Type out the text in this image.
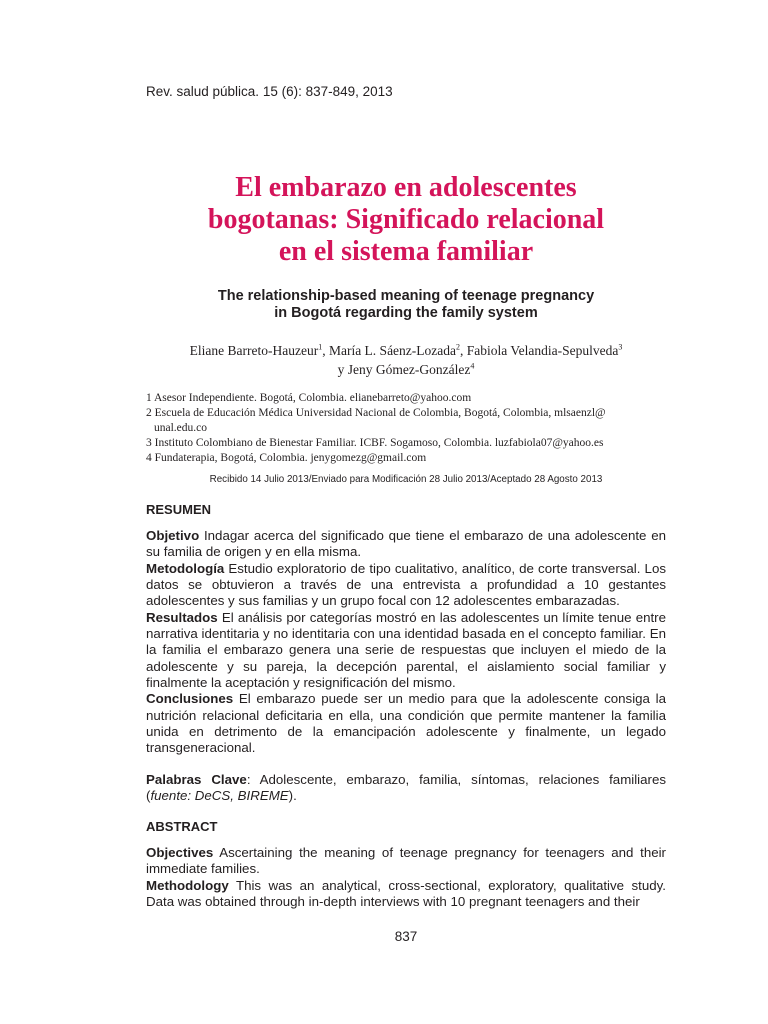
Rev. salud pública. 15 (6): 837-849, 2013
El embarazo en adolescentes
bogotanas: Significado relacional
en el sistema familiar
The relationship-based meaning of teenage pregnancy
in Bogotá regarding the family system
Eliane Barreto-Hauzeur$^1$, María L. Sáenz-Lozada$^2$, Fabiola Velandia-Sepulveda$^3$
y Jeny Gómez-González$^4$
1 Asesor Independiente. Bogotá, Colombia. elianebarreto@yahoo.com
2 Escuela de Educación Médica Universidad Nacional de Colombia, Bogotá, Colombia, mlsaenzl@
unal.edu.co
3 Instituto Colombiano de Bienestar Familiar. ICBF. Sogamoso, Colombia. luzfabiola07@yahoo.es
4 Fundaterapia, Bogotá, Colombia. jenygomezg@gmail.com
Recibido 14 Julio 2013/Enviado para Modificación 28 Julio 2013/Aceptado 28 Agosto 2013
RESUMEN

Objetivo Indagar acerca del significado que tiene el embarazo de una adolescente en su familia de origen y en ella misma.

Metodología Estudio exploratorio de tipo cualitativo, analítico, de corte transversal. Los datos se obtuvieron a través de una entrevista a profundidad a 10 gestantes adolescentes y sus familias y un grupo focal con 12 adolescentes embarazadas.

Resultados El análisis por categorías mostró en las adolescentes un límite tenue entre narrativa identitaria y no identitaria con una identidad basada en el concepto familiar. En la familia el embarazo genera una serie de respuestas que incluyen el miedo de la adolescente y su pareja, la decepción parental, el aislamiento social familiar y finalmente la aceptación y resignificación del mismo.

Conclusiones El embarazo puede ser un medio para que la adolescente consiga la nutrición relacional deficitaria en ella, una condición que permite mantener la familia unida en detrimento de la emancipación adolescente y finalmente, un legado transgeneracional.

Palabras Clave: Adolescente, embarazo, familia, síntomas, relaciones familiares (fuente: DeCS, BIREME).

ABSTRACT

Objectives Ascertaining the meaning of teenage pregnancy for teenagers and their immediate families.

Methodology This was an analytical, cross-sectional, exploratory, qualitative study. Data was obtained through in-depth interviews with 10 pregnant teenagers and their

837
